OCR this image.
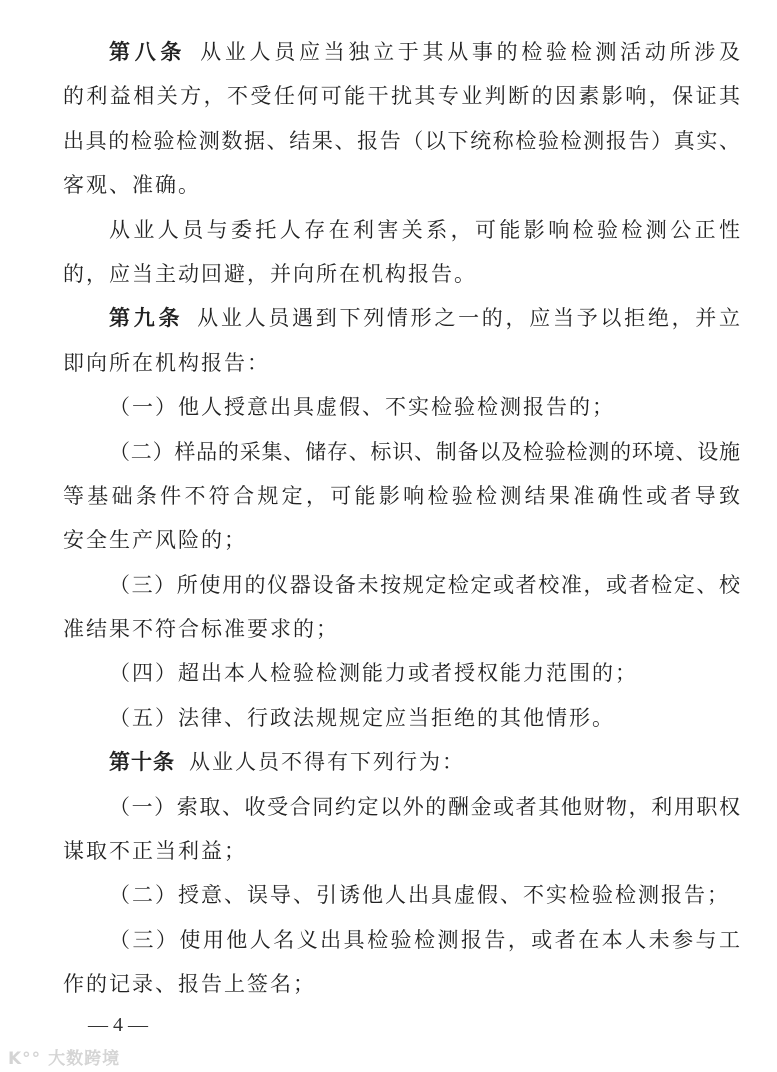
第八条 从业人员应当独立于其从事的检验检测活动所涉及
的利益相关方，不受任何可能干扰其专业判断的因素影响，保证其
出具的检验检测数据、结果、报告（以下统称检验检测报告）真实、
客观、准确。
从业人员与委托人存在利害关系，可能影响检验检测公正性
的，应当主动回避，并向所在机构报告。
第九条 从业人员遇到下列情形之一的，应当予以拒绝，并立
即向所在机构报告：
（一）他人授意出具虚假、不实检验检测报告的；
（二）样品的采集、储存、标识、制备以及检验检测的环境、设施
等基础条件不符合规定，可能影响检验检测结果准确性或者导致
安全生产风险的；
（三）所使用的仪器设备未按规定检定或者校准，或者检定、校
准结果不符合标准要求的；
（四）超出本人检验检测能力或者授权能力范围的；
（五）法律、行政法规规定应当拒绝的其他情形。
第十条 从业人员不得有下列行为：
（一）索取、收受合同约定以外的酬金或者其他财物，利用职权
谋取不正当利益；
（二）授意、误导、引诱他人出具虚假、不实检验检测报告；
（三）使用他人名义出具检验检测报告，或者在本人未参与工
作的记录、报告上签名；
— 4 —
K°° 大数跨境
